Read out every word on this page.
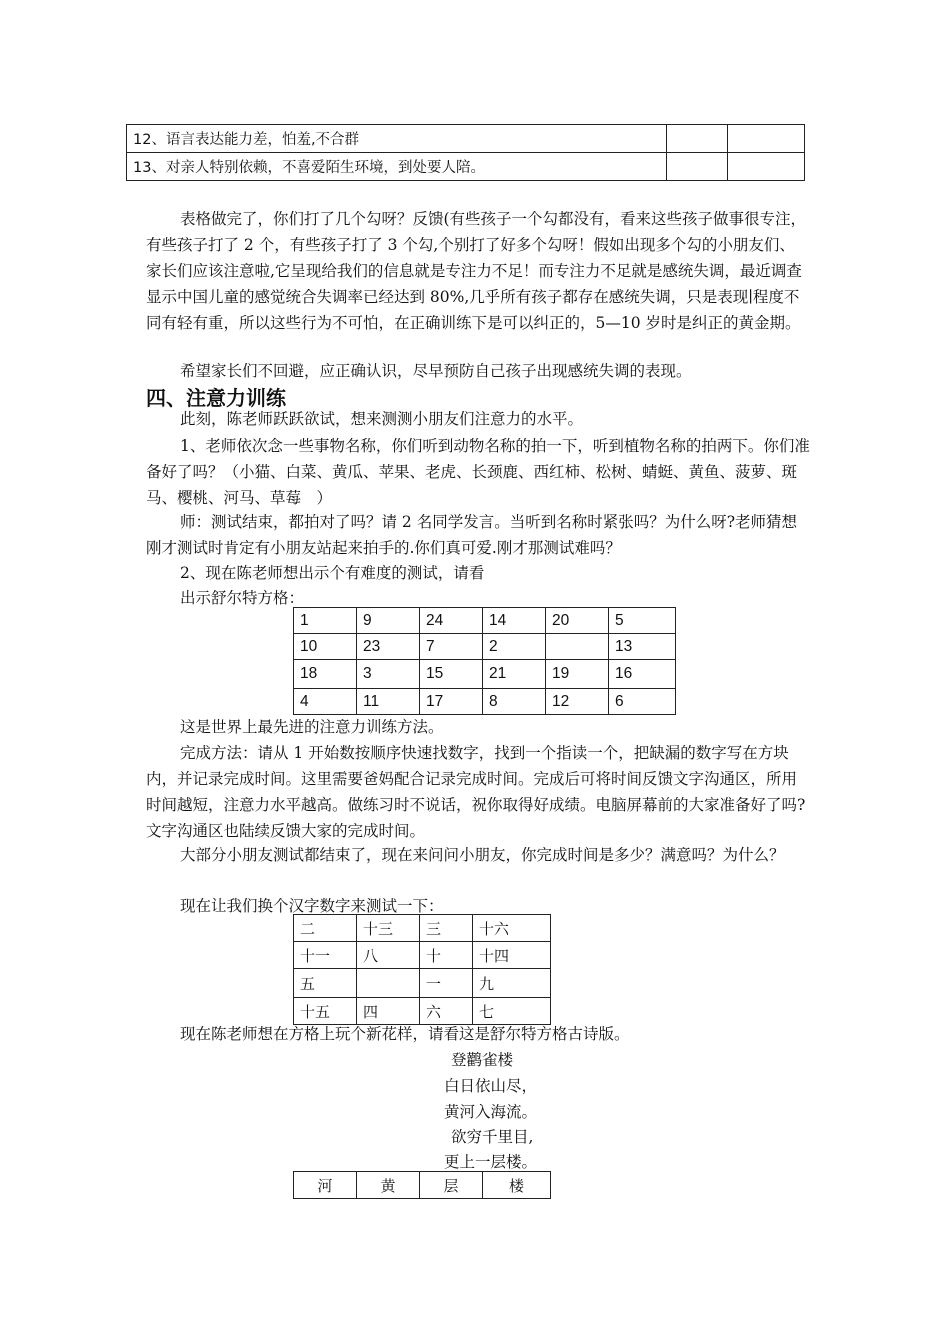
12、语言表达能力差，怕羞,不合群		
13、对亲人特别依赖，不喜爱陌生环境，到处要人陪。		
表格做完了，你们打了几个勾呀？反馈(有些孩子一个勾都没有，看来这些孩子做事很专注，有些孩子打了 2 个，有些孩子打了 3 个勾,个别打了好多个勾呀！假如出现多个勾的小朋友们、家长们应该注意啦,它呈现给我们的信息就是专注力不足！而专注力不足就是感统失调，最近调查显示中国儿童的感觉统合失调率已经达到 80%,几乎所有孩子都存在感统失调，只是表现∣程度不同有轻有重，所以这些行为不可怕，在正确训练下是可以纠正的，5—10 岁时是纠正的黄金期。
希望家长们不回避，应正确认识，尽早预防自己孩子出现感统失调的表现。
四、注意力训练
此刻，陈老师跃跃欲试，想来测测小朋友们注意力的水平。
1、老师依次念一些事物名称，你们听到动物名称的拍一下，听到植物名称的拍两下。你们准备好了吗？（小猫、白菜、黄瓜、苹果、老虎、长颈鹿、西红柿、松树、蜻蜓、黄鱼、菠萝、斑马、樱桃、河马、草莓　）
师：测试结束，都拍对了吗？请 2 名同学发言。当听到名称时紧张吗？为什么呀?老师猜想刚才测试时肯定有小朋友站起来拍手的.你们真可爱.刚才那测试难吗？
2、现在陈老师想出示个有难度的测试，请看
出示舒尔特方格：
1	9	24	14	20	5
10	23	7	2		13
18	3	15	21	19	16
4	11	17	8	12	6
这是世界上最先进的注意力训练方法。
完成方法：请从 1 开始数按顺序快速找数字，找到一个指读一个，把缺漏的数字写在方块内，并记录完成时间。这里需要爸妈配合记录完成时间。完成后可将时间反馈文字沟通区，所用时间越短，注意力水平越高。做练习时不说话，祝你取得好成绩。电脑屏幕前的大家准备好了吗?文字沟通区也陆续反馈大家的完成时间。
大部分小朋友测试都结束了，现在来问问小朋友，你完成时间是多少？满意吗？为什么？
现在让我们换个汉字数字来测试一下：
二	十三	三	十六
十一	八	十	十四
五		一	九
十五	四	六	七
现在陈老师想在方格上玩个新花样，请看这是舒尔特方格古诗版。
登鹳雀楼
白日依山尽，
黄河入海流。
欲穷千里目,
更上一层楼。
河	黄	层	楼
